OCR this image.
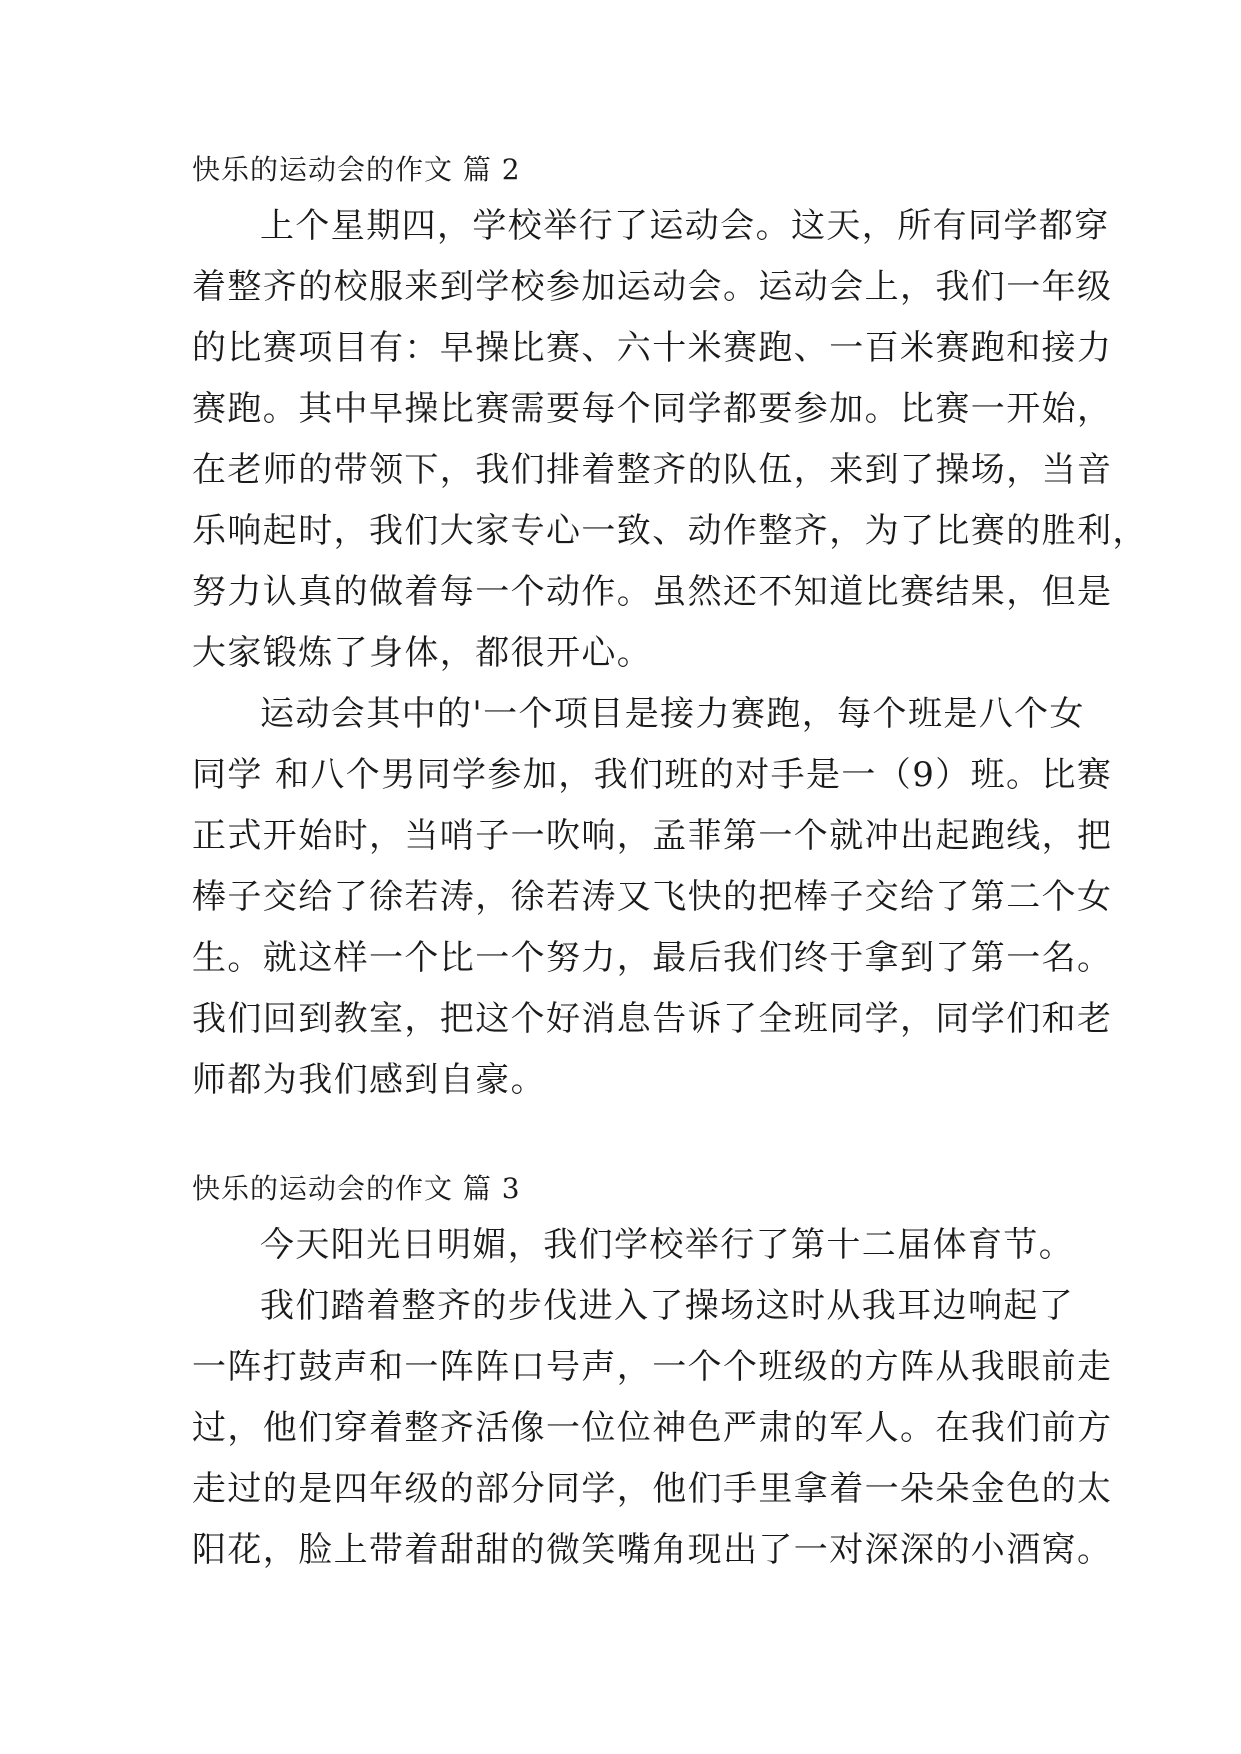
快乐的运动会的作文 篇 2
上个星期四，学校举行了运动会。这天，所有同学都穿
着整齐的校服来到学校参加运动会。运动会上，我们一年级
的比赛项目有：早操比赛、六十米赛跑、一百米赛跑和接力
赛跑。其中早操比赛需要每个同学都要参加。比赛一开始，
在老师的带领下，我们排着整齐的队伍，来到了操场，当音
乐响起时，我们大家专心一致、动作整齐，为了比赛的胜利，
努力认真的做着每一个动作。虽然还不知道比赛结果，但是
大家锻炼了身体，都很开心。
运动会其中的'一个项目是接力赛跑，每个班是八个女
同学 和八个男同学参加，我们班的对手是一（9）班。比赛
正式开始时，当哨子一吹响，孟菲第一个就冲出起跑线，把
棒子交给了徐若涛，徐若涛又飞快的把棒子交给了第二个女
生。就这样一个比一个努力，最后我们终于拿到了第一名。
我们回到教室，把这个好消息告诉了全班同学，同学们和老
师都为我们感到自豪。
快乐的运动会的作文 篇 3
今天阳光日明媚，我们学校举行了第十二届体育节。
我们踏着整齐的步伐进入了操场这时从我耳边响起了
一阵打鼓声和一阵阵口号声，一个个班级的方阵从我眼前走
过，他们穿着整齐活像一位位神色严肃的军人。在我们前方
走过的是四年级的部分同学，他们手里拿着一朵朵金色的太
阳花，脸上带着甜甜的微笑嘴角现出了一对深深的小酒窝。
